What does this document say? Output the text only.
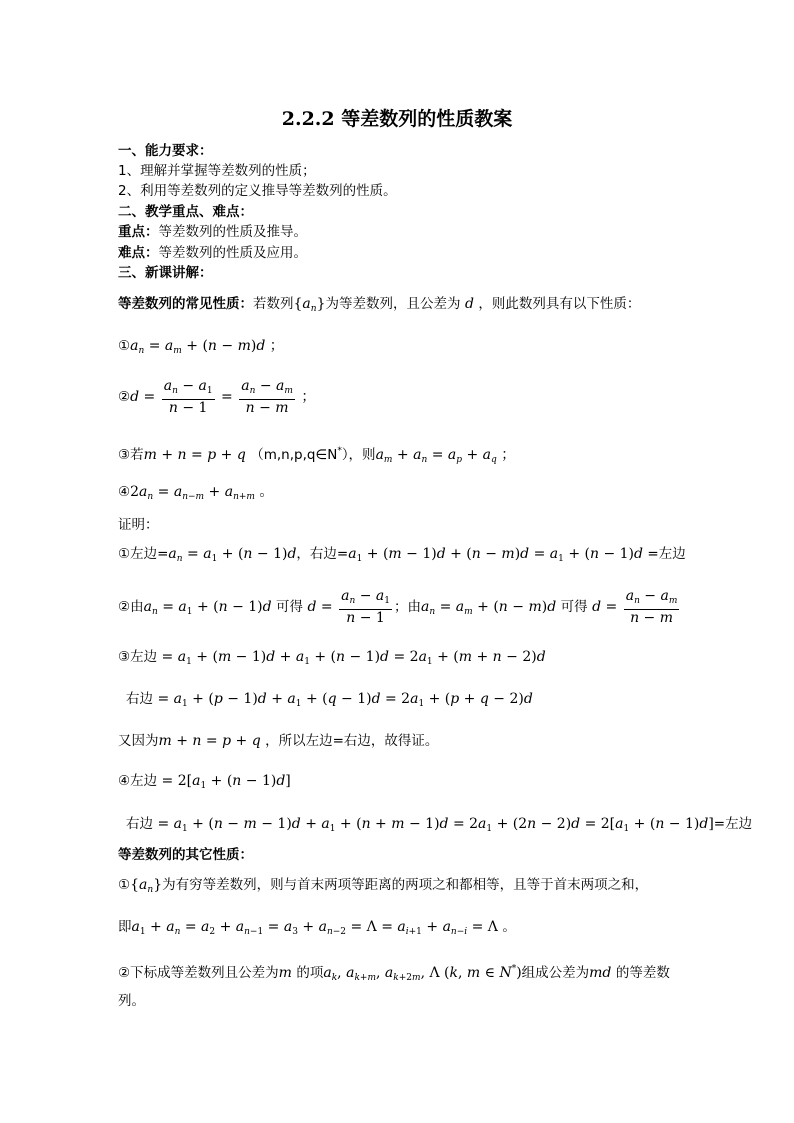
2.2.2 等差数列的性质教案
一、能力要求：
1、理解并掌握等差数列的性质；
2、利用等差数列的定义推导等差数列的性质。
二、教学重点、难点：
重点：等差数列的性质及推导。
难点：等差数列的性质及应用。
三、新课讲解：
等差数列的常见性质：若数列$\{a_n\}$为等差数列，且公差为 d ，则此数列具有以下性质：
$①a_n = a_m + (n - m)d$ ；
②d = $\frac{a_n - a_1}{n - 1} = \frac{a_n - a_m}{n - m}$ ；
③若m + n = p + q （m,n,p,q∈N*），则$a_m + a_n = a_p + a_q$ ；
$④2a_n = a_{n-m} + a_{n+m}$ 。
证明：
①左边$=a_n = a_1 + (n - 1)d$，右边$=a_1 + (m - 1)d + (n - m)d = a_1 + (n - 1)d$ =左边
②由$a_n = a_1 + (n - 1)d$ 可得 $d = \frac{a_n - a_1}{n - 1}$ ；由$a_n = a_m + (n - m)d$ 可得 $d = \frac{a_n - a_m}{n - m}$
③左边 = $a_1 + (m - 1)d + a_1 + (n - 1)d = 2a_1 + (m + n - 2)d$
右边 = $a_1 + (p - 1)d + a_1 + (q - 1)d = 2a_1 + (p + q - 2)d$
又因为m + n = p + q ，所以左边=右边，故得证。
④左边 = $2[a_1 + (n - 1)d]$
右边 = $a_1 + (n - m - 1)d + a_1 + (n + m - 1)d = 2a_1 + (2n - 2)d = 2[a_1 + (n - 1)d]=$左边
等差数列的其它性质：
$①\{a_n\}$为有穷等差数列，则与首末两项等距离的两项之和都相等，且等于首末两项之和，
即$a_1 + a_n = a_2 + a_{n-1} = a_3 + a_{n-2} = \Lambda = a_{i+1} + a_{n-i} = \Lambda$ 。
②下标成等差数列且公差为m 的项$a_k$, $a_{k+m}$, $a_{k+2m}$, Λ (k, m ∈ N*)组成公差为md 的等差数
列。
